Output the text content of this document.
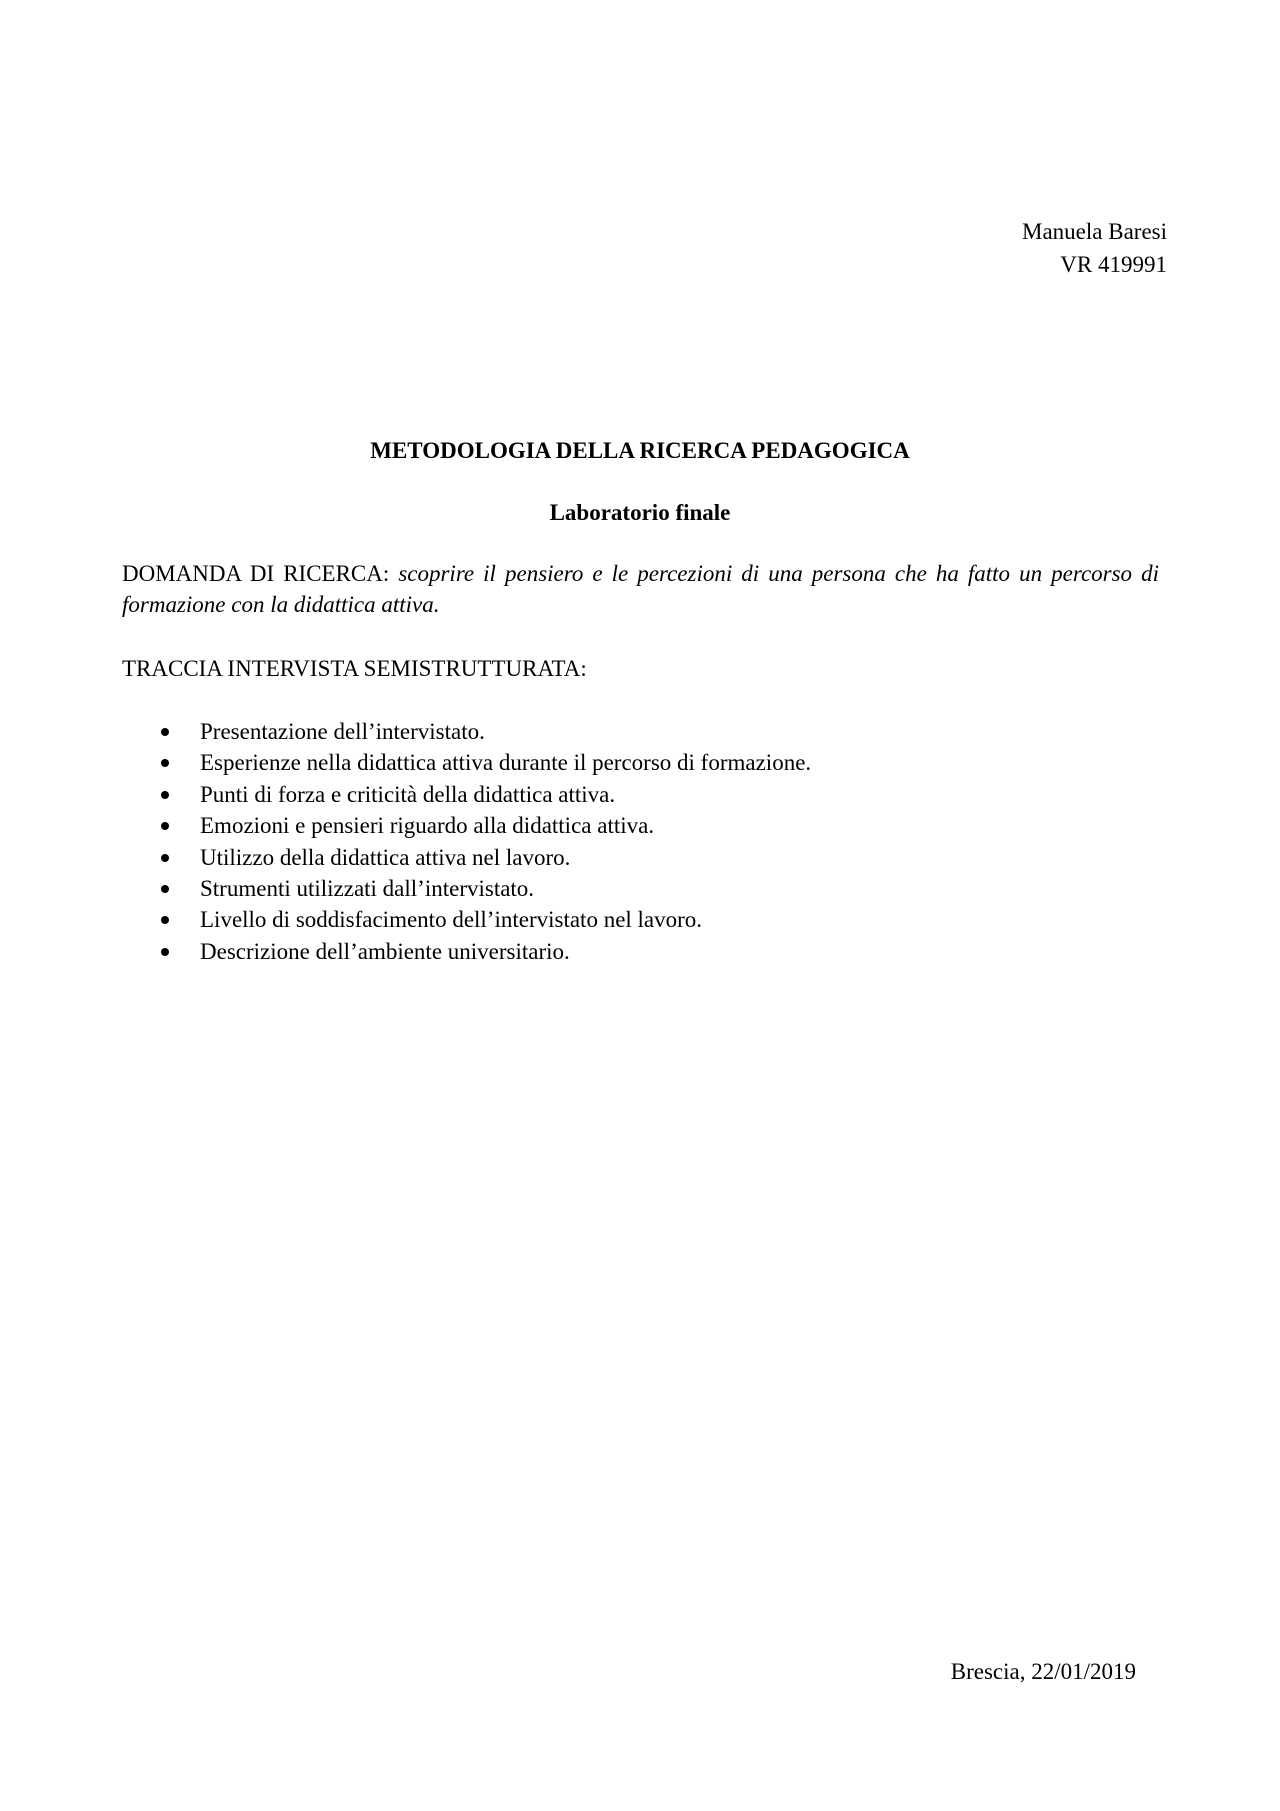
Manuela Baresi
VR 419991
METODOLOGIA DELLA RICERCA PEDAGOGICA
Laboratorio finale
DOMANDA DI RICERCA: scoprire il pensiero e le percezioni di una persona che ha fatto un percorso di formazione con la didattica attiva.
TRACCIA INTERVISTA SEMISTRUTTURATA:
Presentazione dell’intervistato.
Esperienze nella didattica attiva durante il percorso di formazione.
Punti di forza e criticità della didattica attiva.
Emozioni e pensieri riguardo alla didattica attiva.
Utilizzo della didattica attiva nel lavoro.
Strumenti utilizzati dall’intervistato.
Livello di soddisfacimento dell’intervistato nel lavoro.
Descrizione dell’ambiente universitario.
Brescia, 22/01/2019
